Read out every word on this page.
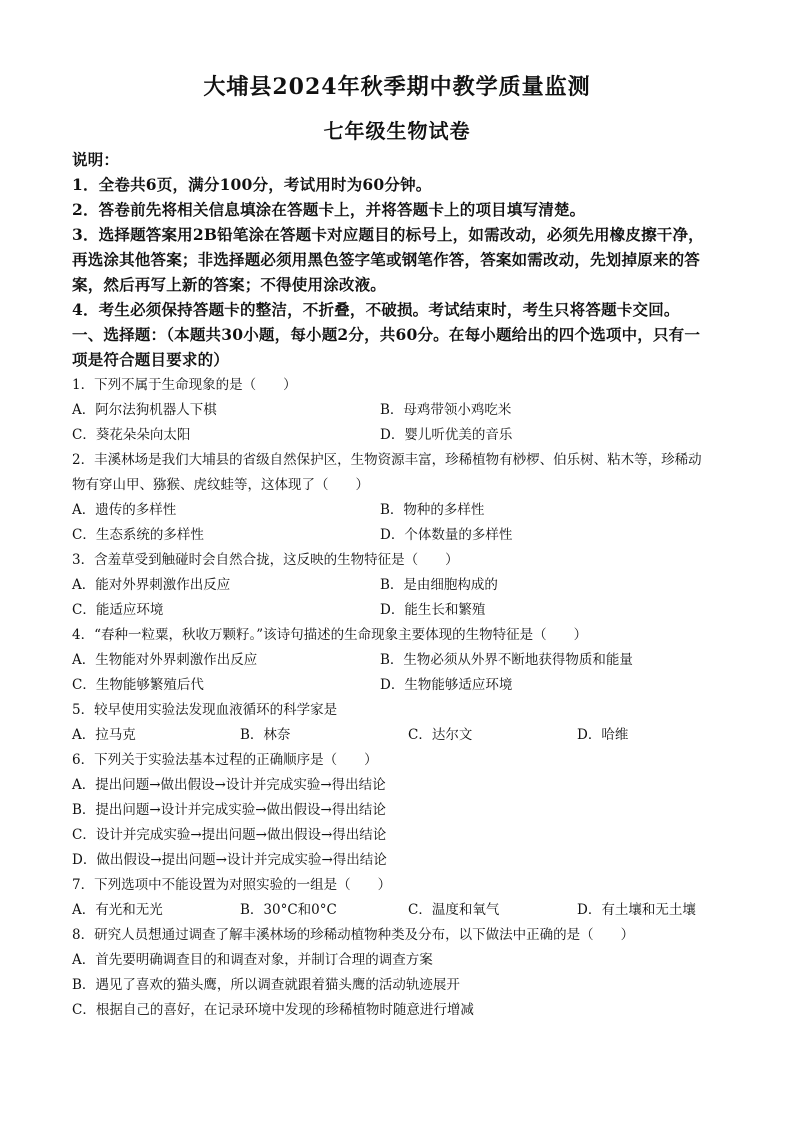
大埔县2024年秋季期中教学质量监测
七年级生物试卷
说明：
1．全卷共6页，满分100分，考试用时为60分钟。
2．答卷前先将相关信息填涂在答题卡上，并将答题卡上的项目填写清楚。
3．选择题答案用2B铅笔涂在答题卡对应题目的标号上，如需改动，必须先用橡皮擦干净，
再选涂其他答案；非选择题必须用黑色签字笔或钢笔作答，答案如需改动，先划掉原来的答
案，然后再写上新的答案；不得使用涂改液。
4．考生必须保持答题卡的整洁，不折叠，不破损。考试结束时，考生只将答题卡交回。
一、选择题：（本题共30小题，每小题2分，共60分。在每小题给出的四个选项中，只有一
项是符合题目要求的）
1．下列不属于生命现象的是（　　）
A．阿尔法狗机器人下棋	B．母鸡带领小鸡吃米
C．葵花朵朵向太阳	D．婴儿听优美的音乐
2．丰溪林场是我们大埔县的省级自然保护区，生物资源丰富，珍稀植物有桫椤、伯乐树、粘木等，珍稀动
物有穿山甲、猕猴、虎纹蛙等，这体现了（　　）
A．遗传的多样性	B．物种的多样性
C．生态系统的多样性	D．个体数量的多样性
3．含羞草受到触碰时会自然合拢，这反映的生物特征是（　　）
A．能对外界刺激作出反应	B．是由细胞构成的
C．能适应环境	D．能生长和繁殖
4．“春种一粒粟，秋收万颗籽。”该诗句描述的生命现象主要体现的生物特征是（　　）
A．生物能对外界刺激作出反应	B．生物必须从外界不断地获得物质和能量
C．生物能够繁殖后代	D．生物能够适应环境
5．较早使用实验法发现血液循环的科学家是
A．拉马克	B．林奈	C．达尔文	D．哈维
6．下列关于实验法基本过程的正确顺序是（　　）
A．提出问题→做出假设→设计并完成实验→得出结论
B．提出问题→设计并完成实验→做出假设→得出结论
C．设计并完成实验→提出问题→做出假设→得出结论
D．做出假设→提出问题→设计并完成实验→得出结论
7．下列选项中不能设置为对照实验的一组是（　　）
A．有光和无光	B．30°C和0°C	C．温度和氧气	D．有土壤和无土壤
8．研究人员想通过调查了解丰溪林场的珍稀动植物种类及分布，以下做法中正确的是（　　）
A．首先要明确调查目的和调查对象，并制订合理的调查方案
B．遇见了喜欢的猫头鹰，所以调查就跟着猫头鹰的活动轨迹展开
C．根据自己的喜好，在记录环境中发现的珍稀植物时随意进行增减
